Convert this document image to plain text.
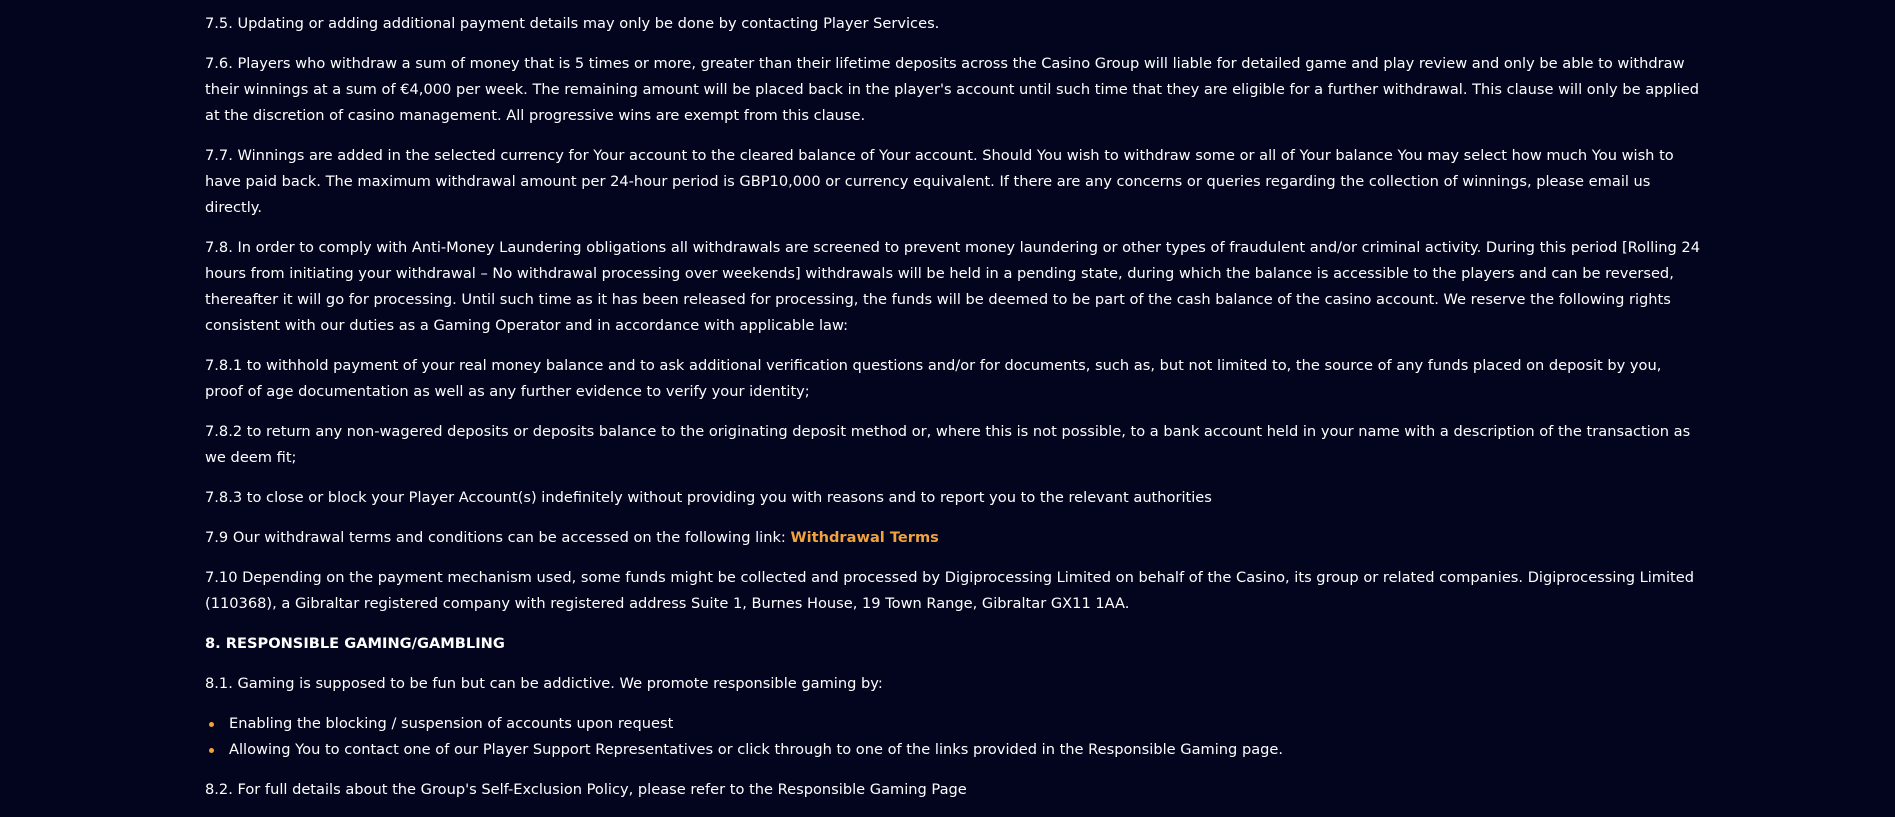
7.5. Updating or adding additional payment details may only be done by contacting Player Services.

7.6. Players who withdraw a sum of money that is 5 times or more, greater than their lifetime deposits across the Casino Group will liable for detailed game and play review and only be able to withdraw their winnings at a sum of €4,000 per week. The remaining amount will be placed back in the player's account until such time that they are eligible for a further withdrawal. This clause will only be applied at the discretion of casino management. All progressive wins are exempt from this clause.

7.7. Winnings are added in the selected currency for Your account to the cleared balance of Your account. Should You wish to withdraw some or all of Your balance You may select how much You wish to have paid back. The maximum withdrawal amount per 24-hour period is GBP10,000 or currency equivalent. If there are any concerns or queries regarding the collection of winnings, please email us directly.

7.8. In order to comply with Anti-Money Laundering obligations all withdrawals are screened to prevent money laundering or other types of fraudulent and/or criminal activity. During this period [Rolling 24 hours from initiating your withdrawal – No withdrawal processing over weekends] withdrawals will be held in a pending state, during which the balance is accessible to the players and can be reversed, thereafter it will go for processing. Until such time as it has been released for processing, the funds will be deemed to be part of the cash balance of the casino account. We reserve the following rights consistent with our duties as a Gaming Operator and in accordance with applicable law:

7.8.1 to withhold payment of your real money balance and to ask additional verification questions and/or for documents, such as, but not limited to, the source of any funds placed on deposit by you, proof of age documentation as well as any further evidence to verify your identity;

7.8.2 to return any non-wagered deposits or deposits balance to the originating deposit method or, where this is not possible, to a bank account held in your name with a description of the transaction as we deem fit;

7.8.3 to close or block your Player Account(s) indefinitely without providing you with reasons and to report you to the relevant authorities

7.9 Our withdrawal terms and conditions can be accessed on the following link: Withdrawal Terms

7.10 Depending on the payment mechanism used, some funds might be collected and processed by Digiprocessing Limited on behalf of the Casino, its group or related companies. Digiprocessing Limited (110368), a Gibraltar registered company with registered address Suite 1, Burnes House, 19 Town Range, Gibraltar GX11 1AA.

8. RESPONSIBLE GAMING/GAMBLING

8.1. Gaming is supposed to be fun but can be addictive. We promote responsible gaming by:

Enabling the blocking / suspension of accounts upon request
Allowing You to contact one of our Player Support Representatives or click through to one of the links provided in the Responsible Gaming page.

8.2. For full details about the Group's Self-Exclusion Policy, please refer to the Responsible Gaming Page
